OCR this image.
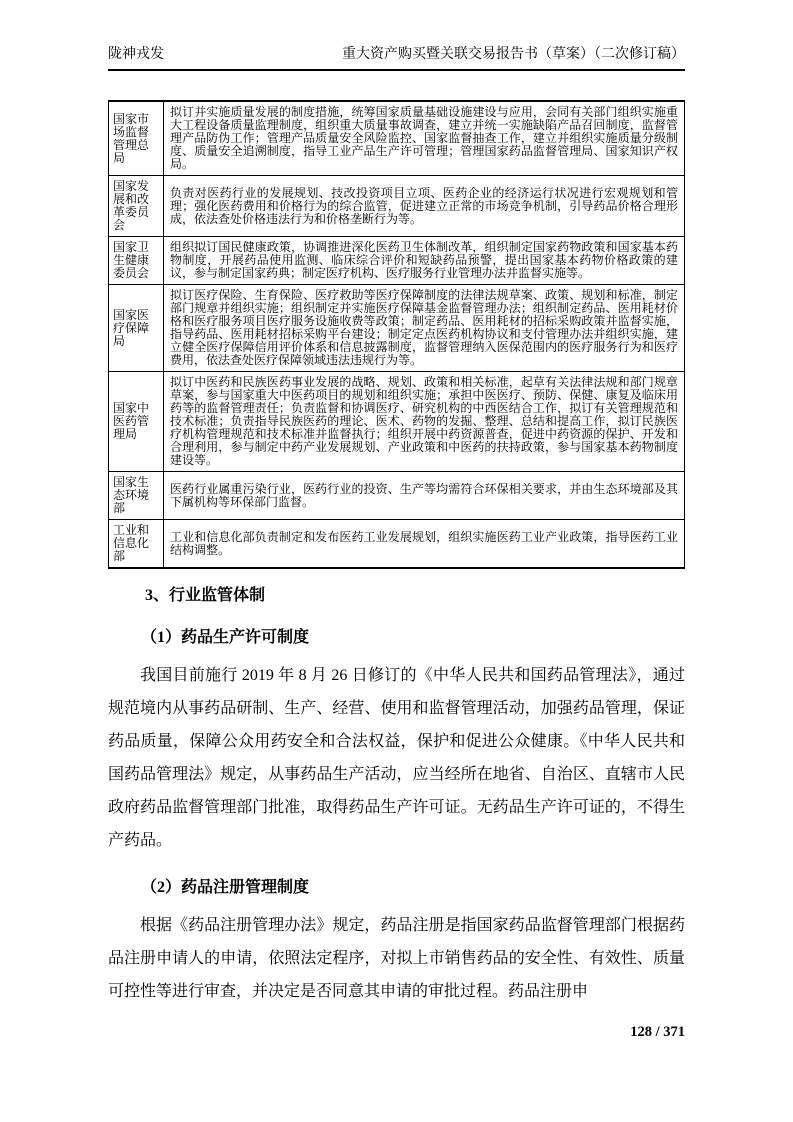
陇神戎发	重大资产购买暨关联交易报告书（草案）（二次修订稿）
国家市场监督管理总局	拟订并实施质量发展的制度措施，统筹国家质量基础设施建设与应用，会同有关部门组织实施重大工程设备质量监理制度，组织重大质量事故调查，建立并统一实施缺陷产品召回制度，监督管理产品防伪工作；管理产品质量安全风险监控、国家监督抽查工作，建立并组织实施质量分级制度、质量安全追溯制度，指导工业产品生产许可管理；管理国家药品监督管理局、国家知识产权局。
国家发展和改革委员会	负责对医药行业的发展规划、技改投资项目立项、医药企业的经济运行状况进行宏观规划和管理；强化医药费用和价格行为的综合监管，促进建立正常的市场竞争机制，引导药品价格合理形成，依法查处价格违法行为和价格垄断行为等。
国家卫生健康委员会	组织拟订国民健康政策，协调推进深化医药卫生体制改革，组织制定国家药物政策和国家基本药物制度，开展药品使用监测、临床综合评价和短缺药品预警，提出国家基本药物价格政策的建议，参与制定国家药典；制定医疗机构、医疗服务行业管理办法并监督实施等。
国家医疗保障局	拟订医疗保险、生育保险、医疗救助等医疗保障制度的法律法规草案、政策、规划和标准，制定部门规章并组织实施；组织制定并实施医疗保障基金监督管理办法；组织制定药品、医用耗材价格和医疗服务项目医疗服务设施收费等政策；制定药品、医用耗材的招标采购政策并监督实施，指导药品、医用耗材招标采购平台建设；制定定点医药机构协议和支付管理办法并组织实施，建立健全医疗保障信用评价体系和信息披露制度，监督管理纳入医保范围内的医疗服务行为和医疗费用，依法查处医疗保障领域违法违规行为等。
国家中医药管理局	拟订中医药和民族医药事业发展的战略、规划、政策和相关标准，起草有关法律法规和部门规章草案，参与国家重大中医药项目的规划和组织实施；承担中医医疗、预防、保健、康复及临床用药等的监督管理责任；负责监督和协调医疗、研究机构的中西医结合工作，拟订有关管理规范和技术标准；负责指导民族医药的理论、医术、药物的发掘、整理、总结和提高工作，拟订民族医疗机构管理规范和技术标准并监督执行；组织开展中药资源普查，促进中药资源的保护、开发和合理利用，参与制定中药产业发展规划、产业政策和中医药的扶持政策，参与国家基本药物制度建设等。
国家生态环境部	医药行业属重污染行业，医药行业的投资、生产等均需符合环保相关要求，并由生态环境部及其下属机构等环保部门监督。
工业和信息化部	工业和信息化部负责制定和发布医药工业发展规划，组织实施医药工业产业政策，指导医药工业结构调整。
3、行业监管体制
（1）药品生产许可制度
我国目前施行 2019 年 8 月 26 日修订的《中华人民共和国药品管理法》，通过规范境内从事药品研制、生产、经营、使用和监督管理活动，加强药品管理，保证药品质量，保障公众用药安全和合法权益，保护和促进公众健康。《中华人民共和国药品管理法》规定，从事药品生产活动，应当经所在地省、自治区、直辖市人民政府药品监督管理部门批准，取得药品生产许可证。无药品生产许可证的，不得生产药品。
（2）药品注册管理制度
根据《药品注册管理办法》规定，药品注册是指国家药品监督管理部门根据药品注册申请人的申请，依照法定程序，对拟上市销售药品的安全性、有效性、质量可控性等进行审查，并决定是否同意其申请的审批过程。药品注册申
128 / 371
